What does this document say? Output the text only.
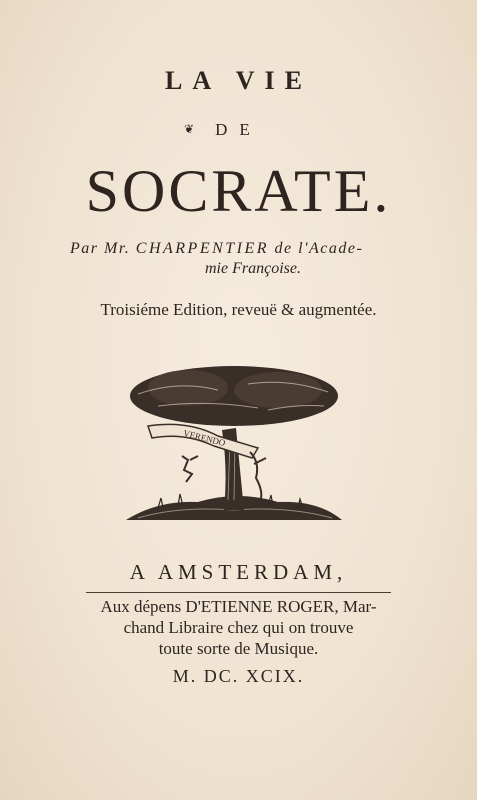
LA VIE
❦	DE
SOCRATE.
Par Mr. CHARPENTIER de l'Acade-
mie Françoise.
Troisiéme Edition, reveuë & augmentée.
VERENDO
A AMSTERDAM,
Aux dépens D'ETIENNE ROGER, Mar-
chand Libraire chez qui on trouve
toute sorte de Musique.
M. DC. XCIX.
